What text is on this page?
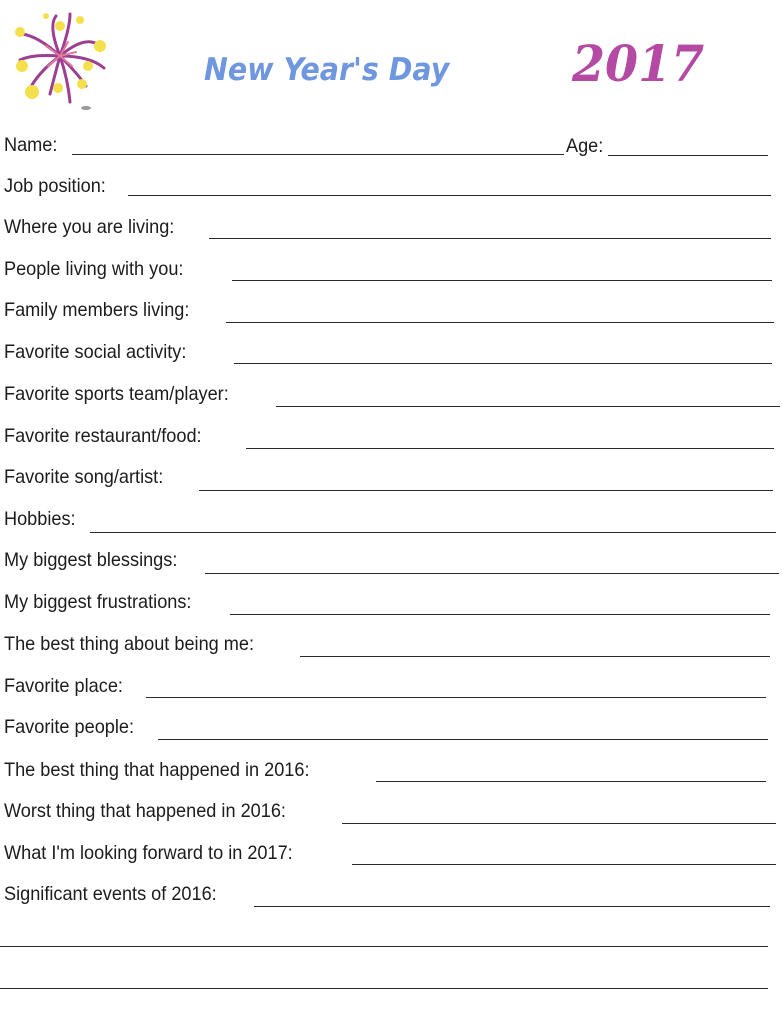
New Year's Day 2017
Name:	Age:
Job position:
Where you are living:
People living with you:
Family members living:
Favorite social activity:
Favorite sports team/player:
Favorite restaurant/food:
Favorite song/artist:
Hobbies:
My biggest blessings:
My biggest frustrations:
The best thing about being me:
Favorite place:
Favorite people:
The best thing that happened in 2016:
Worst thing that happened in 2016:
What I'm looking forward to in 2017:
Significant events of 2016:
